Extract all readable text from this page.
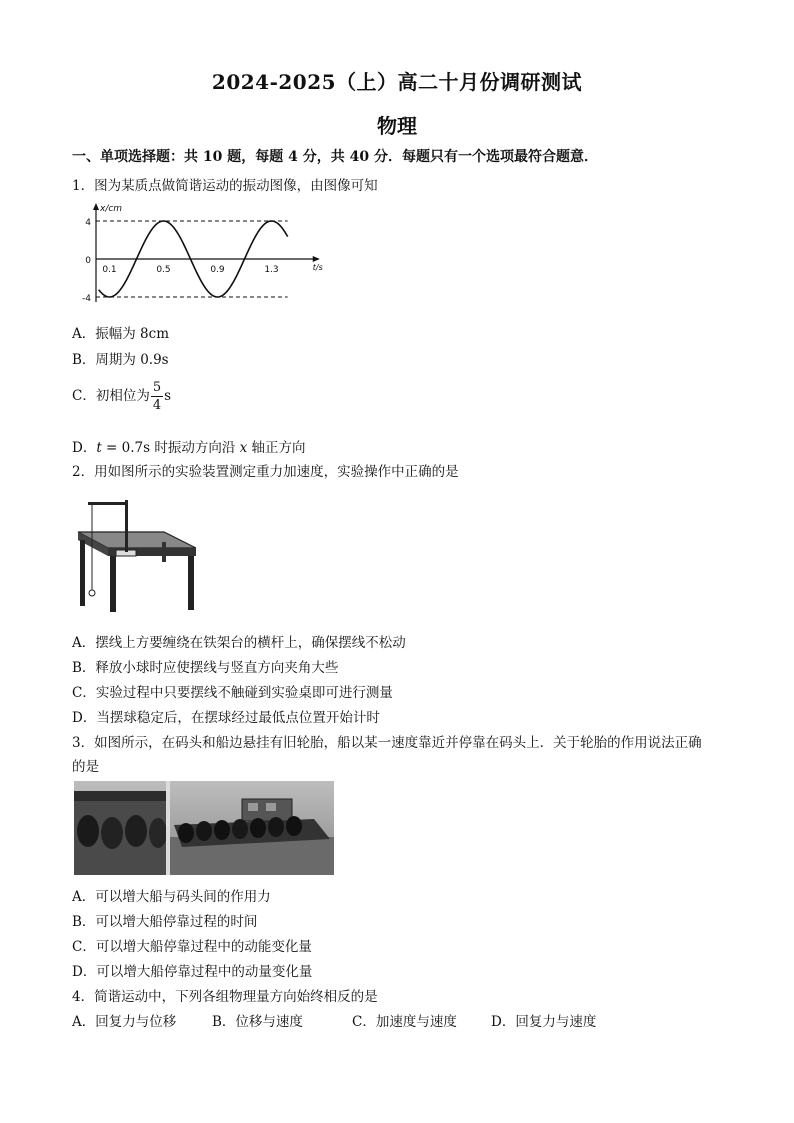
2024-2025（上）高二十月份调研测试
物理
一、单项选择题：共 10 题，每题 4 分，共 40 分．每题只有一个选项最符合题意．
1．图为某质点做简谐运动的振动图像，由图像可知
4
0
-4
0.1	0.5	0.9	1.3
x/cm
t/s
A．振幅为 8cm
B．周期为 0.9s
C．初相位为 $\frac{5}{4}$ s
D．t = 0.7s 时振动方向沿 x 轴正方向
2．用如图所示的实验装置测定重力加速度，实验操作中正确的是
A．摆线上方要缠绕在铁架台的横杆上，确保摆线不松动
B．释放小球时应使摆线与竖直方向夹角大些
C．实验过程中只要摆线不触碰到实验桌即可进行测量
D．当摆球稳定后，在摆球经过最低点位置开始计时
3．如图所示，在码头和船边悬挂有旧轮胎，船以某一速度靠近并停靠在码头上．关于轮胎的作用说法正确
的是
A．可以增大船与码头间的作用力
B．可以增大船停靠过程的时间
C．可以增大船停靠过程中的动能变化量
D．可以增大船停靠过程中的动量变化量
4．简谐运动中，下列各组物理量方向始终相反的是
A．回复力与位移	B．位移与速度	C．加速度与速度	D．回复力与速度
